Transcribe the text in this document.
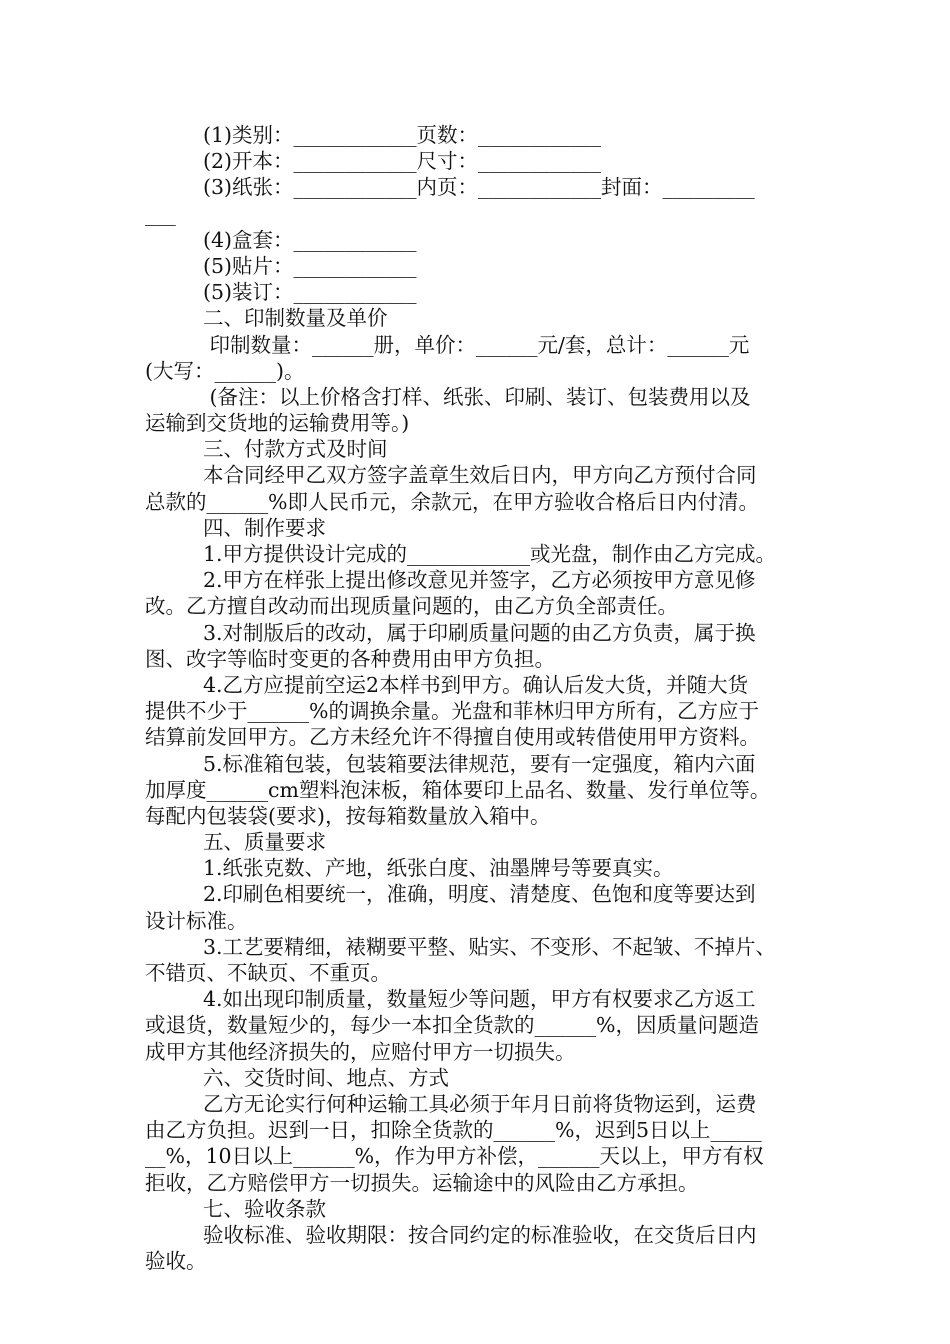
(1)类别：____________页数：____________
(2)开本：____________尺寸：____________
(3)纸张：____________内页：____________封面：_________
___
(4)盒套：____________
(5)贴片：____________
(5)装订：____________
二、印制数量及单价
印制数量：______册，单价：______元/套，总计：______元
(大写：______)。
(备注：以上价格含打样、纸张、印刷、装订、包装费用以及
运输到交货地的运输费用等。)
三、付款方式及时间
本合同经甲乙双方签字盖章生效后日内，甲方向乙方预付合同
总款的______%即人民币元，余款元，在甲方验收合格后日内付清。
四、制作要求
1.甲方提供设计完成的____________或光盘，制作由乙方完成。
2.甲方在样张上提出修改意见并签字，乙方必须按甲方意见修
改。乙方擅自改动而出现质量问题的，由乙方负全部责任。
3.对制版后的改动，属于印刷质量问题的由乙方负责，属于换
图、改字等临时变更的各种费用由甲方负担。
4.乙方应提前空运2本样书到甲方。确认后发大货，并随大货
提供不少于______%的调换余量。光盘和菲林归甲方所有，乙方应于
结算前发回甲方。乙方未经允许不得擅自使用或转借使用甲方资料。
5.标准箱包装，包装箱要法律规范，要有一定强度，箱内六面
加厚度______cm塑料泡沫板，箱体要印上品名、数量、发行单位等。
每配内包装袋(要求)，按每箱数量放入箱中。
五、质量要求
1.纸张克数、产地，纸张白度、油墨牌号等要真实。
2.印刷色相要统一，准确，明度、清楚度、色饱和度等要达到
设计标准。
3.工艺要精细，裱糊要平整、贴实、不变形、不起皱、不掉片、
不错页、不缺页、不重页。
4.如出现印制质量，数量短少等问题，甲方有权要求乙方返工
或退货，数量短少的，每少一本扣全货款的______%，因质量问题造
成甲方其他经济损失的，应赔付甲方一切损失。
六、交货时间、地点、方式
乙方无论实行何种运输工具必须于年月日前将货物运到，运费
由乙方负担。迟到一日，扣除全货款的______%，迟到5日以上_____
__%，10日以上______%，作为甲方补偿，______天以上，甲方有权
拒收，乙方赔偿甲方一切损失。运输途中的风险由乙方承担。
七、验收条款
验收标准、验收期限：按合同约定的标准验收，在交货后日内
验收。
